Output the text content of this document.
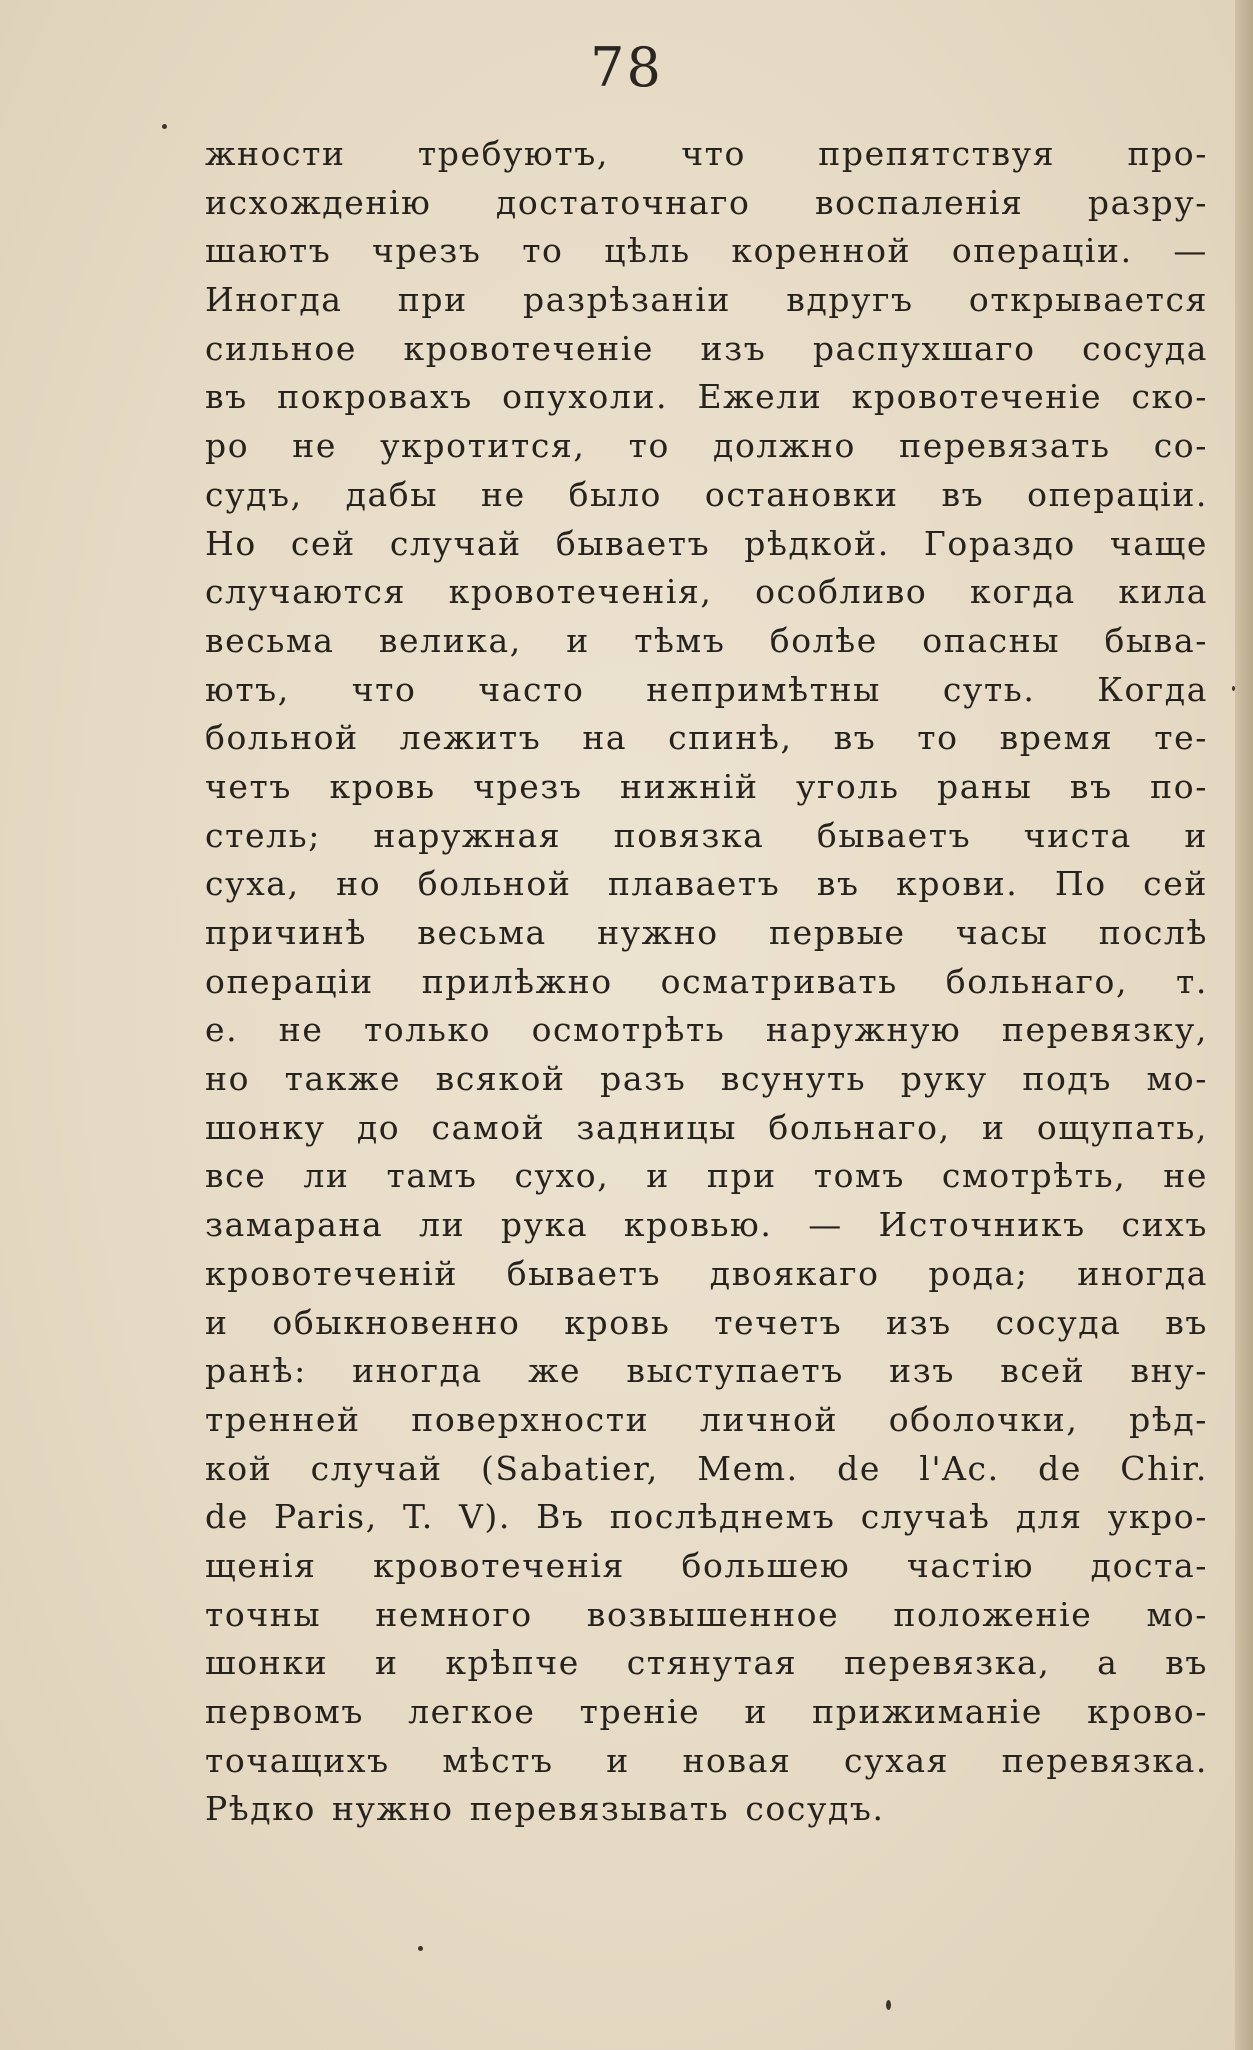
78
жности требуютъ, что препятствуя про-
исхожденію достаточнаго воспаленія разру-
шаютъ чрезъ то цѣль коренной операціи. —
Иногда при разрѣзаніи вдругъ открывается
сильное кровотеченіе изъ распухшаго сосуда
въ покровахъ опухоли. Ежели кровотеченіе ско-
ро не укротится, то должно перевязать со-
судъ, дабы не было остановки въ операціи.
Но сей случай бываетъ рѣдкой. Гораздо чаще
случаются кровотеченія, особливо когда кила
весьма велика, и тѣмъ болѣе опасны быва-
ютъ, что часто непримѣтны суть. Когда
больной лежитъ на спинѣ, въ то время те-
четъ кровь чрезъ нижній уголь раны въ по-
стель; наружная повязка бываетъ чиста и
суха, но больной плаваетъ въ крови. По сей
причинѣ весьма нужно первые часы послѣ
операціи прилѣжно осматривать больнаго, т.
е. не только осмотрѣть наружную перевязку,
но также всякой разъ всунуть руку подъ мо-
шонку до самой задницы больнаго, и ощупать,
все ли тамъ сухо, и при томъ смотрѣть, не
замарана ли рука кровью. — Источникъ сихъ
кровотеченій бываетъ двоякаго рода; иногда
и обыкновенно кровь течетъ изъ сосуда въ
ранѣ: иногда же выступаетъ изъ всей вну-
тренней поверхности личной оболочки, рѣд-
кой случай (Sabatier, Mem. de l'Ac. de Chir.
de Paris, T. V). Въ послѣднемъ случаѣ для укро-
щенія кровотеченія большею частію доста-
точны немного возвышенное положеніе мо-
шонки и крѣпче стянутая перевязка, а въ
первомъ легкое треніе и прижиманіе крово-
точащихъ мѣстъ и новая сухая перевязка.
Рѣдко нужно перевязывать сосудъ.
